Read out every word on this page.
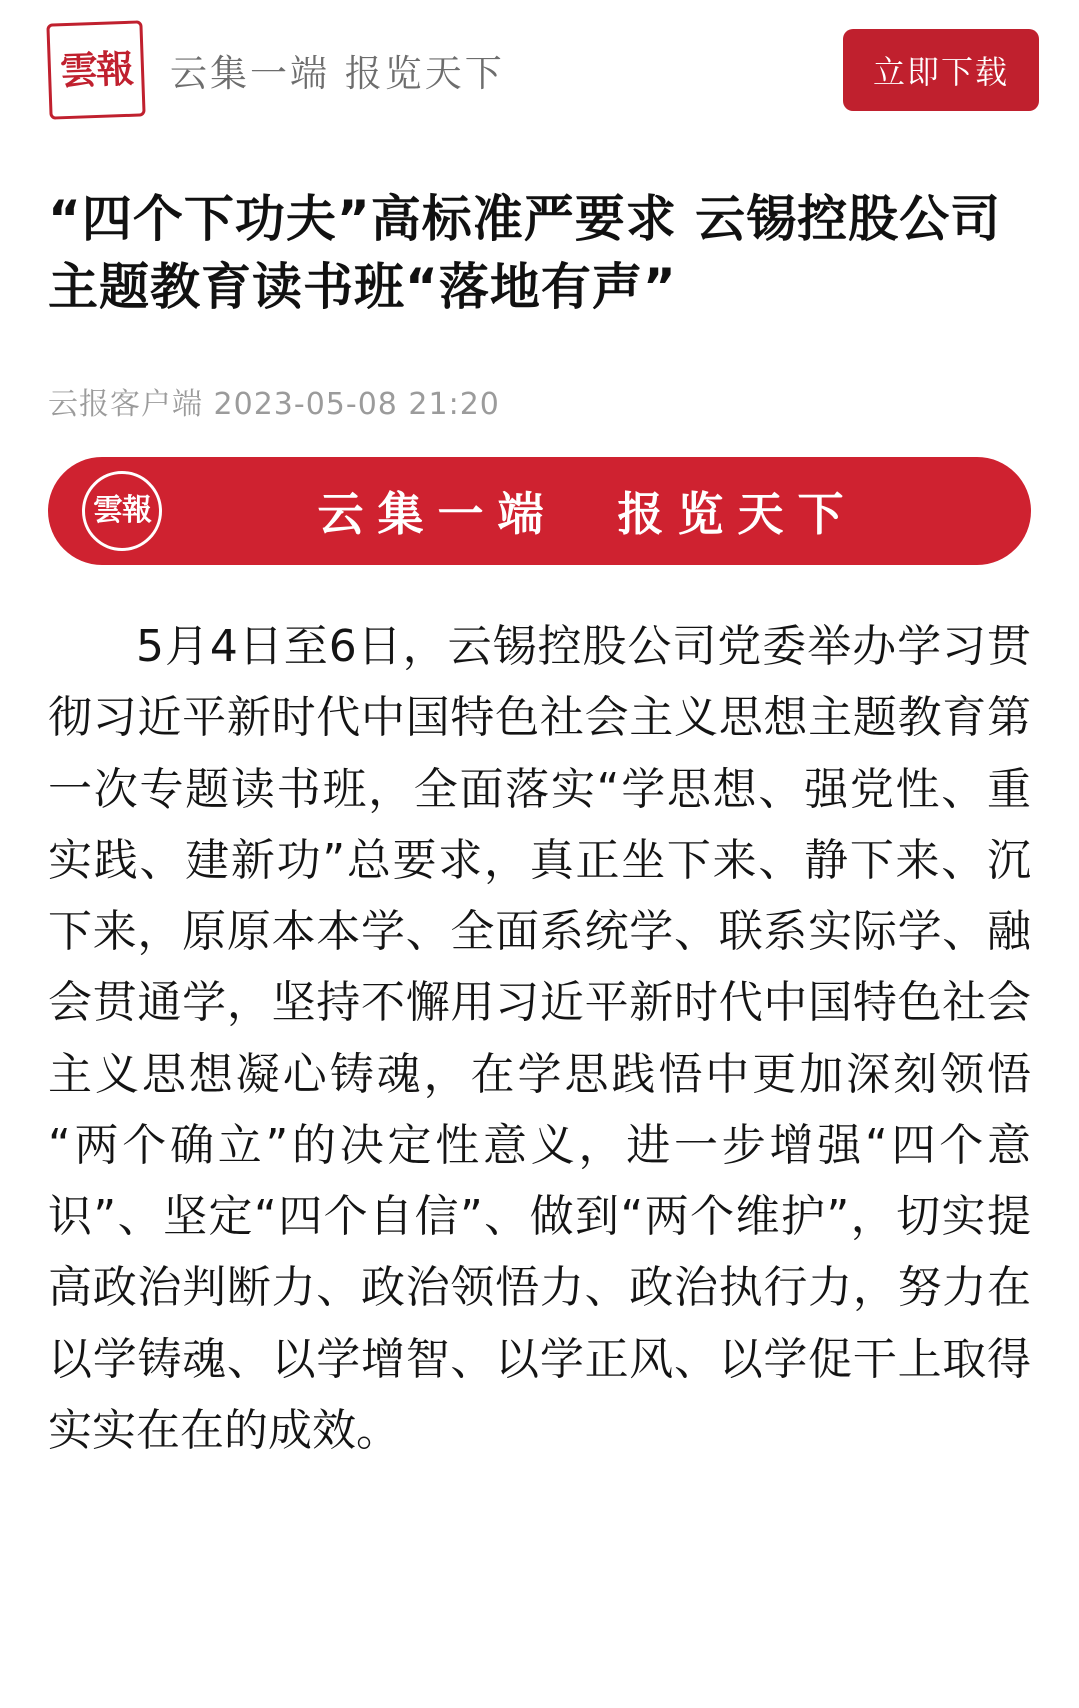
雲
報 云集一端 报览天下	立即下载
“四个下功夫”高标准严要求 云锡控股公司主题教育读书班“落地有声”
云报客户端 2023-05-08 21:20
雲 報	云集一端　报览天下

5月4日至6日，云锡控股公司党委举办学习贯彻习近平新时代中国特色社会主义思想主题教育第一次专题读书班，全面落实“学思想、强党性、重实践、建新功”总要求，真正坐下来、静下来、沉下来，原原本本学、全面系统学、联系实际学、融会贯通学，坚持不懈用习近平新时代中国特色社会主义思想凝心铸魂，在学思践悟中更加深刻领悟“两个确立”的决定性意义，进一步增强“四个意识”、坚定“四个自信”、做到“两个维护”，切实提高政治判断力、政治领悟力、政治执行力，努力在以学铸魂、以学增智、以学正风、以学促干上取得实实在在的成效。
